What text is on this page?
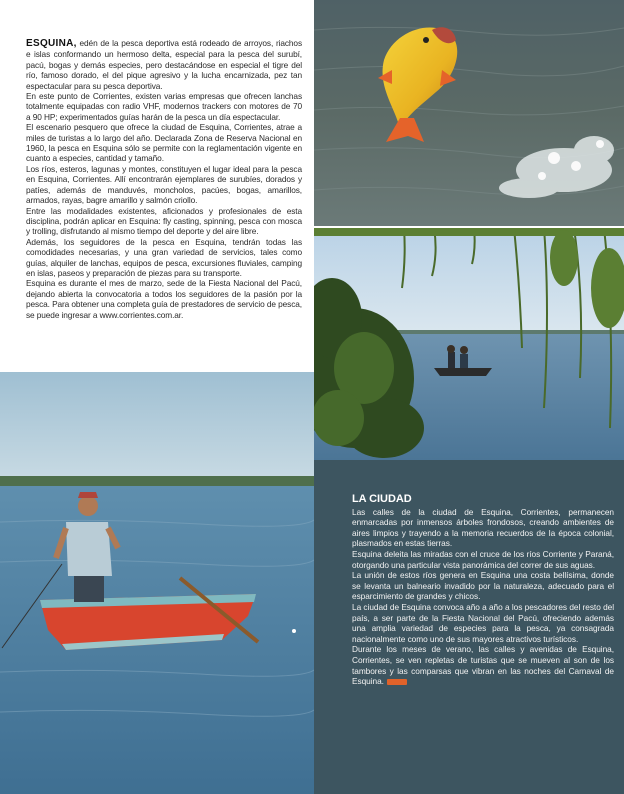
ESQUINA, edén de la pesca deportiva está rodeado de arroyos, riachos e islas conformando un hermoso delta, especial para la pesca del surubí, pacú, bogas y demás especies, pero destacándose en especial el tigre del río, famoso dorado, el del pique agresivo y la lucha encarnizada, pez tan espectacular para su pesca deportiva.

En este punto de Corrientes, existen varias empresas que ofrecen lanchas totalmente equipadas con radio VHF, modernos trackers con motores de 70 a 90 HP; experimentados guías harán de la pesca un día espectacular.

El escenario pesquero que ofrece la ciudad de Esquina, Corrientes, atrae a miles de turistas a lo largo del año. Declarada Zona de Reserva Nacional en 1960, la pesca en Esquina sólo se permite con la reglamentación vigente en cuanto a especies, cantidad y tamaño.

Los ríos, esteros, lagunas y montes, constituyen el lugar ideal para la pesca en Esquina, Corrientes. Allí encontrarán ejemplares de surubíes, dorados y patíes, además de manduvés, moncholos, pacúes, bogas, amarillos, armados, rayas, bagre amarillo y salmón criollo.

Entre las modalidades existentes, aficionados y profesionales de esta disciplina, podrán aplicar en Esquina: fly casting, spinning, pesca con mosca y trolling, disfrutando al mismo tiempo del deporte y del aire libre.

Además, los seguidores de la pesca en Esquina, tendrán todas las comodidades necesarias, y una gran variedad de servicios, tales como guías, alquiler de lanchas, equipos de pesca, excursiones fluviales, camping en islas, paseos y preparación de piezas para su transporte.

Esquina es durante el mes de marzo, sede de la Fiesta Nacional del Pacú, dejando abierta la convocatoria a todos los seguidores de la pasión por la pesca. Para obtener una completa guía de prestadores de servicio de pesca, se puede ingresar a www.corrientes.com.ar.

LA CIUDAD

Las calles de la ciudad de Esquina, Corrientes, permanecen enmarcadas por inmensos árboles frondosos, creando ambientes de aires limpios y trayendo a la memoria recuerdos de la época colonial, plasmados en estas tierras.

Esquina deleita las miradas con el cruce de los ríos Corriente y Paraná, otorgando una particular vista panorámica del correr de sus aguas.

La unión de estos ríos genera en Esquina una costa bellísima, donde se levanta un balneario invadido por la naturaleza, adecuado para el esparcimiento de grandes y chicos.

La ciudad de Esquina convoca año a año a los pescadores del resto del país, a ser parte de la Fiesta Nacional del Pacú, ofreciendo además una amplia variedad de especies para la pesca, ya consagrada nacionalmente como uno de sus mayores atractivos turísticos.

Durante los meses de verano, las calles y avenidas de Esquina, Corrientes, se ven repletas de turistas que se mueven al son de los tambores y las comparsas que vibran en las noches del Carnaval de Esquina.
